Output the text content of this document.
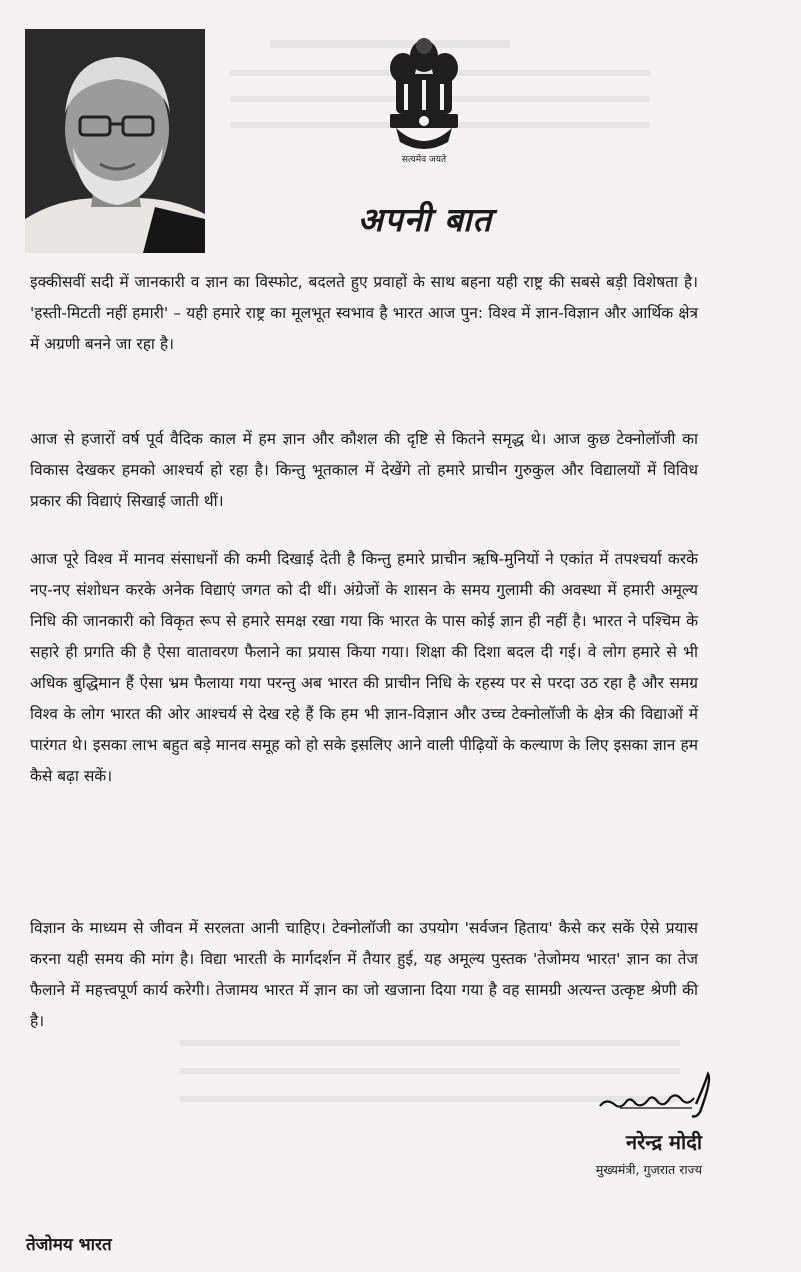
सत्यमेव जयते
अपनी बात

इक्कीसवीं सदी में जानकारी व ज्ञान का विस्फोट, बदलते हुए प्रवाहों के साथ बहना यही राष्ट्र की सबसे बड़ी विशेषता है। 'हस्ती-मिटती नहीं हमारी' – यही हमारे राष्ट्र का मूलभूत स्वभाव है भारत आज पुन: विश्व में ज्ञान-विज्ञान और आर्थिक क्षेत्र में अग्रणी बनने जा रहा है।

आज से हजारों वर्ष पूर्व वैदिक काल में हम ज्ञान और कौशल की दृष्टि से कितने समृद्ध थे। आज कुछ टेक्नोलॉजी का विकास देखकर हमको आश्चर्य हो रहा है। किन्तु भूतकाल में देखेंगे तो हमारे प्राचीन गुरुकुल और विद्यालयों में विविध प्रकार की विद्याएं सिखाई जाती थीं।

आज पूरे विश्व में मानव संसाधनों की कमी दिखाई देती है किन्तु हमारे प्राचीन ऋषि-मुनियों ने एकांत में तपश्चर्या करके नए-नए संशोधन करके अनेक विद्याएं जगत को दी थीं। अंग्रेजों के शासन के समय गुलामी की अवस्था में हमारी अमूल्य निधि की जानकारी को विकृत रूप से हमारे समक्ष रखा गया कि भारत के पास कोई ज्ञान ही नहीं है। भारत ने पश्चिम के सहारे ही प्रगति की है ऐसा वातावरण फैलाने का प्रयास किया गया। शिक्षा की दिशा बदल दी गई। वे लोग हमारे से भी अधिक बुद्धिमान हैं ऐसा भ्रम फैलाया गया परन्तु अब भारत की प्राचीन निधि के रहस्य पर से परदा उठ रहा है और समग्र विश्व के लोग भारत की ओर आश्चर्य से देख रहे हैं कि हम भी ज्ञान-विज्ञान और उच्च टेक्नोलॉजी के क्षेत्र की विद्याओं में पारंगत थे। इसका लाभ बहुत बड़े मानव समूह को हो सके इसलिए आने वाली पीढ़ियों के कल्याण के लिए इसका ज्ञान हम कैसे बढ़ा सकें।

विज्ञान के माध्यम से जीवन में सरलता आनी चाहिए। टेक्नोलॉजी का उपयोग 'सर्वजन हिताय' कैसे कर सकें ऐसे प्रयास करना यही समय की मांग है। विद्या भारती के मार्गदर्शन में तैयार हुई, यह अमूल्य पुस्तक 'तेजोमय भारत' ज्ञान का तेज फैलाने में महत्त्वपूर्ण कार्य करेगी। तेजामय भारत में ज्ञान का जो खजाना दिया गया है वह सामग्री अत्यन्त उत्कृष्ट श्रेणी की है।

नरेन्द्र मोदी

मुख्यमंत्री, गुजरात राज्य

तेजोमय भारत
